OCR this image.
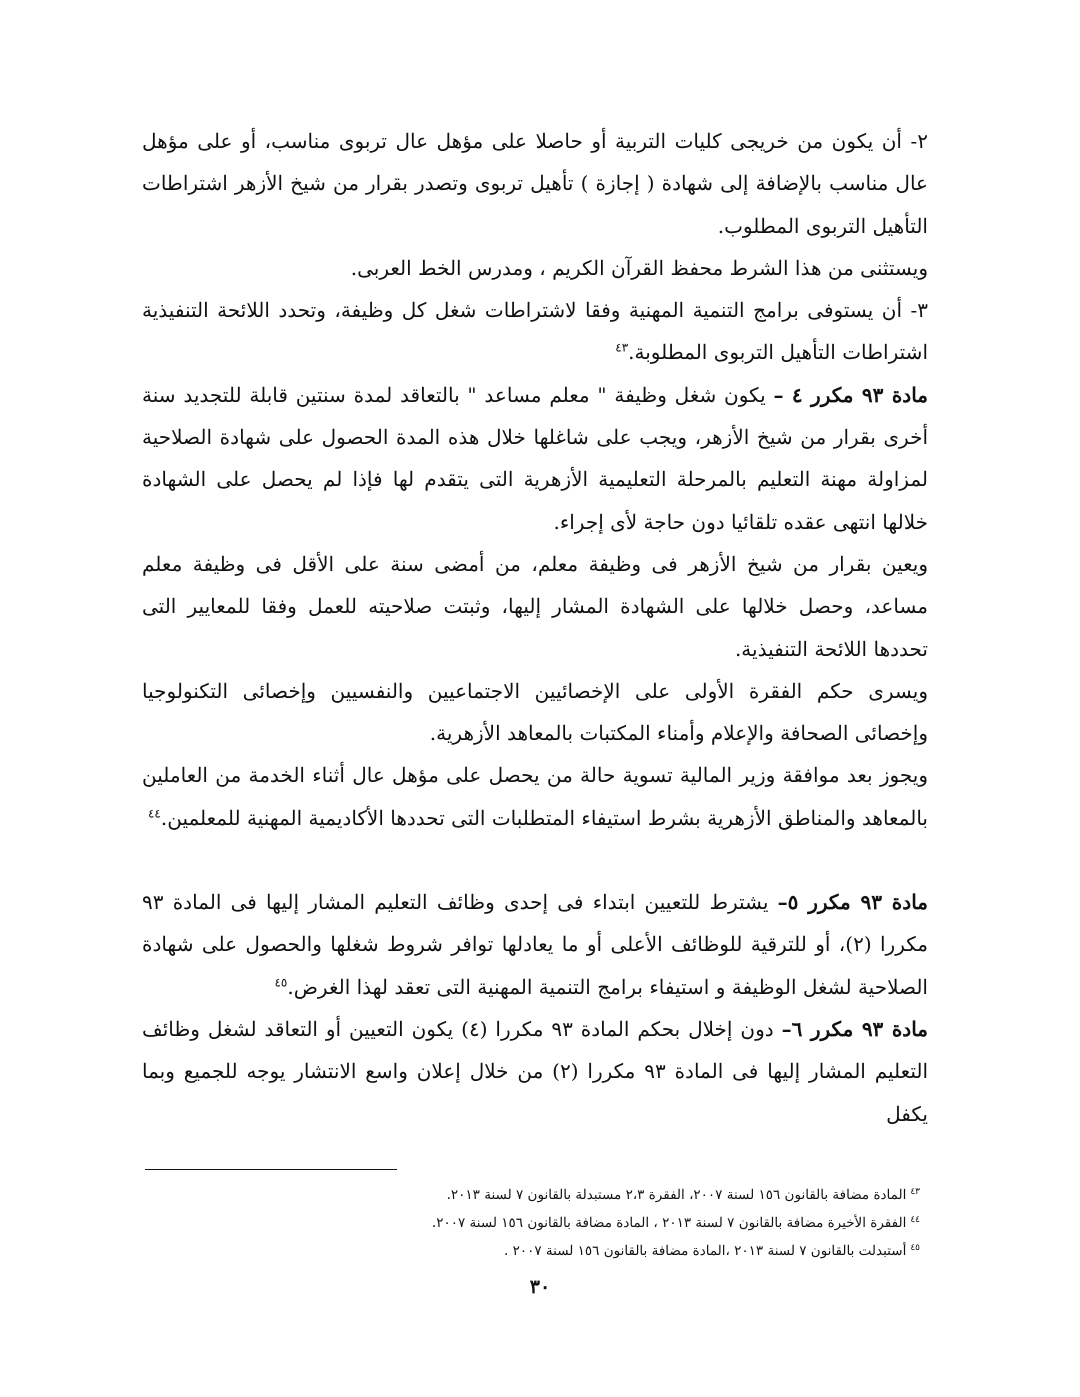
٢- أن يكون من خريجى كليات التربية أو حاصلا على مؤهل عال تربوى مناسب، أو على مؤهل عال مناسب بالإضافة إلى شهادة ( إجازة ) تأهيل تربوى وتصدر بقرار من شيخ الأزهر اشتراطات التأهيل التربوى المطلوب.

ويستثنى من هذا الشرط محفظ القرآن الكريم ، ومدرس الخط العربى.

٣- أن يستوفى برامج التنمية المهنية وفقا لاشتراطات شغل كل وظيفة، وتحدد اللائحة التنفيذية اشتراطات التأهيل التربوى المطلوبة.$^{٤٣}$

مادة ٩٣ مكرر ٤ – يكون شغل وظيفة " معلم مساعد " بالتعاقد لمدة سنتين قابلة للتجديد سنة أخرى بقرار من شيخ الأزهر، ويجب على شاغلها خلال هذه المدة الحصول على شهادة الصلاحية لمزاولة مهنة التعليم بالمرحلة التعليمية الأزهرية التى يتقدم لها فإذا لم يحصل على الشهادة خلالها انتهى عقده تلقائيا دون حاجة لأى إجراء.

ويعين بقرار من شيخ الأزهر فى وظيفة معلم، من أمضى سنة على الأقل فى وظيفة معلم مساعد، وحصل خلالها على الشهادة المشار إليها، وثبتت صلاحيته للعمل وفقا للمعايير التى تحددها اللائحة التنفيذية.

ويسرى حكم الفقرة الأولى على الإخصائيين الاجتماعيين والنفسيين وإخصائى التكنولوجيا وإخصائى الصحافة والإعلام وأمناء المكتبات بالمعاهد الأزهرية.

ويجوز بعد موافقة وزير المالية تسوية حالة من يحصل على مؤهل عال أثناء الخدمة من العاملين بالمعاهد والمناطق الأزهرية بشرط استيفاء المتطلبات التى تحددها الأكاديمية المهنية للمعلمين.$^{٤٤}$

مادة ٩٣ مكرر ٥– يشترط للتعيين ابتداء فى إحدى وظائف التعليم المشار إليها فى المادة ٩٣ مكررا (٢)، أو للترقية للوظائف الأعلى أو ما يعادلها توافر شروط شغلها والحصول على شهادة الصلاحية لشغل الوظيفة و استيفاء برامج التنمية المهنية التى تعقد لهذا الغرض.$^{٤٥}$

مادة ٩٣ مكرر ٦– دون إخلال بحكم المادة ٩٣ مكررا (٤) يكون التعيين أو التعاقد لشغل وظائف التعليم المشار إليها فى المادة ٩٣ مكررا (٢) من خلال إعلان واسع الانتشار يوجه للجميع وبما يكفل

$^{٤٣}$المادة مضافة بالقانون ١٥٦ لسنة ٢٠٠٧، الفقرة ٢،٣ مستبدلة بالقانون ٧ لسنة ٢٠١٣.
$^{٤٤}$الفقرة الأخيرة مضافة بالقانون ٧ لسنة ٢٠١٣ ، المادة مضافة بالقانون ١٥٦ لسنة ٢٠٠٧.
$^{٤٥}$أستبدلت بالقانون ٧ لسنة ٢٠١٣ ،المادة مضافة بالقانون ١٥٦ لسنة ٢٠٠٧ .
٣٠
